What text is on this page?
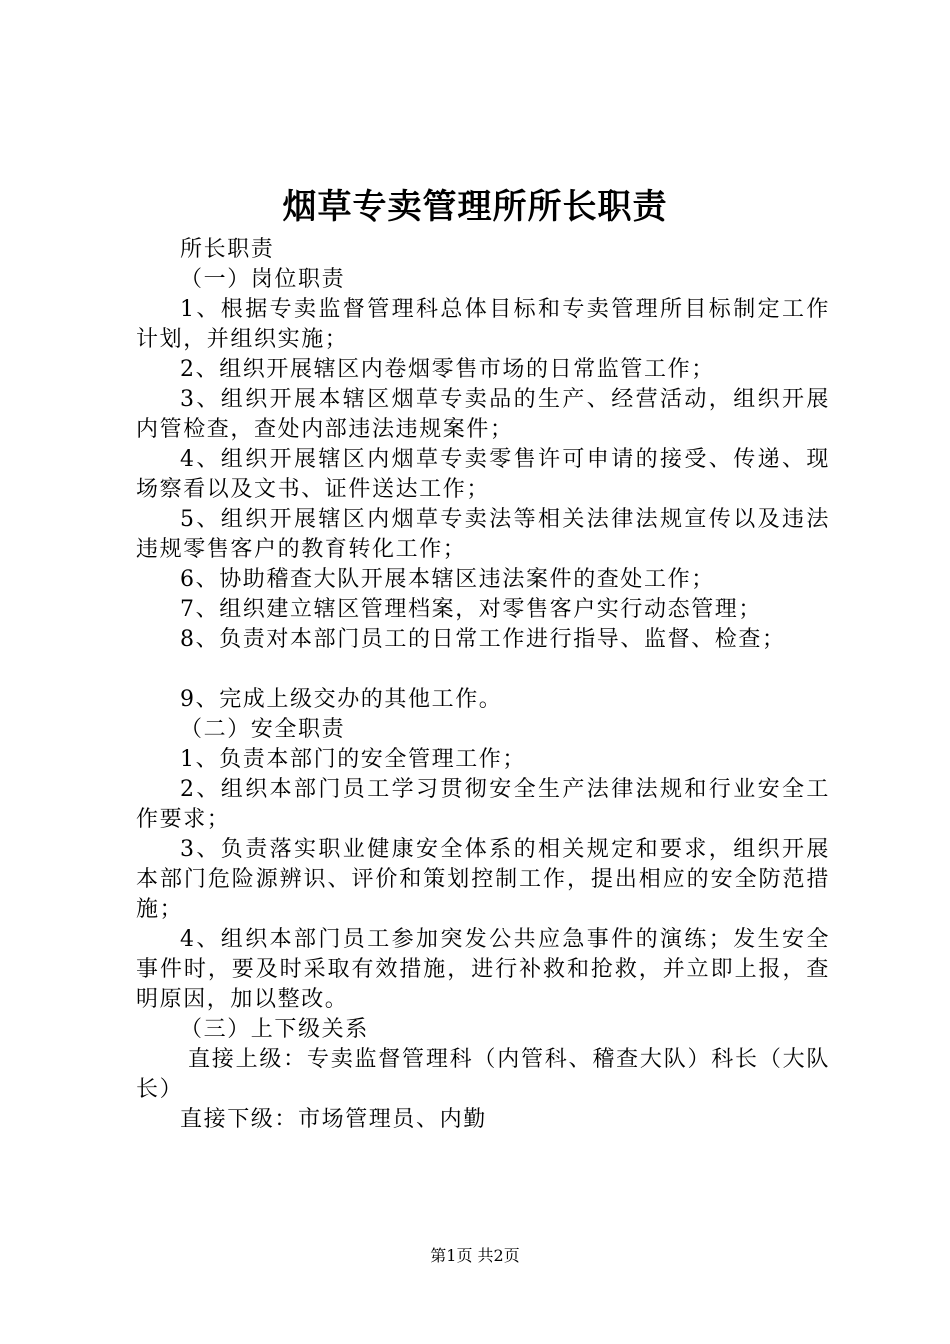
烟草专卖管理所所长职责

所长职责

（一）岗位职责

1、根据专卖监督管理科总体目标和专卖管理所目标制定工作计划，并组织实施；

2、组织开展辖区内卷烟零售市场的日常监管工作；

3、组织开展本辖区烟草专卖品的生产、经营活动，组织开展内管检查，查处内部违法违规案件；

4、组织开展辖区内烟草专卖零售许可申请的接受、传递、现场察看以及文书、证件送达工作；

5、组织开展辖区内烟草专卖法等相关法律法规宣传以及违法违规零售客户的教育转化工作；

6、协助稽查大队开展本辖区违法案件的查处工作；

7、组织建立辖区管理档案，对零售客户实行动态管理；

8、负责对本部门员工的日常工作进行指导、监督、检查；

9、完成上级交办的其他工作。

（二）安全职责

1、负责本部门的安全管理工作；

2、组织本部门员工学习贯彻安全生产法律法规和行业安全工作要求；

3、负责落实职业健康安全体系的相关规定和要求，组织开展本部门危险源辨识、评价和策划控制工作，提出相应的安全防范措施；

4、组织本部门员工参加突发公共应急事件的演练；发生安全事件时，要及时采取有效措施，进行补救和抢救，并立即上报，查明原因，加以整改。

（三）上下级关系

直接上级：专卖监督管理科（内管科、稽查大队）科长（大队长）

直接下级：市场管理员、内勤

第1页 共2页
